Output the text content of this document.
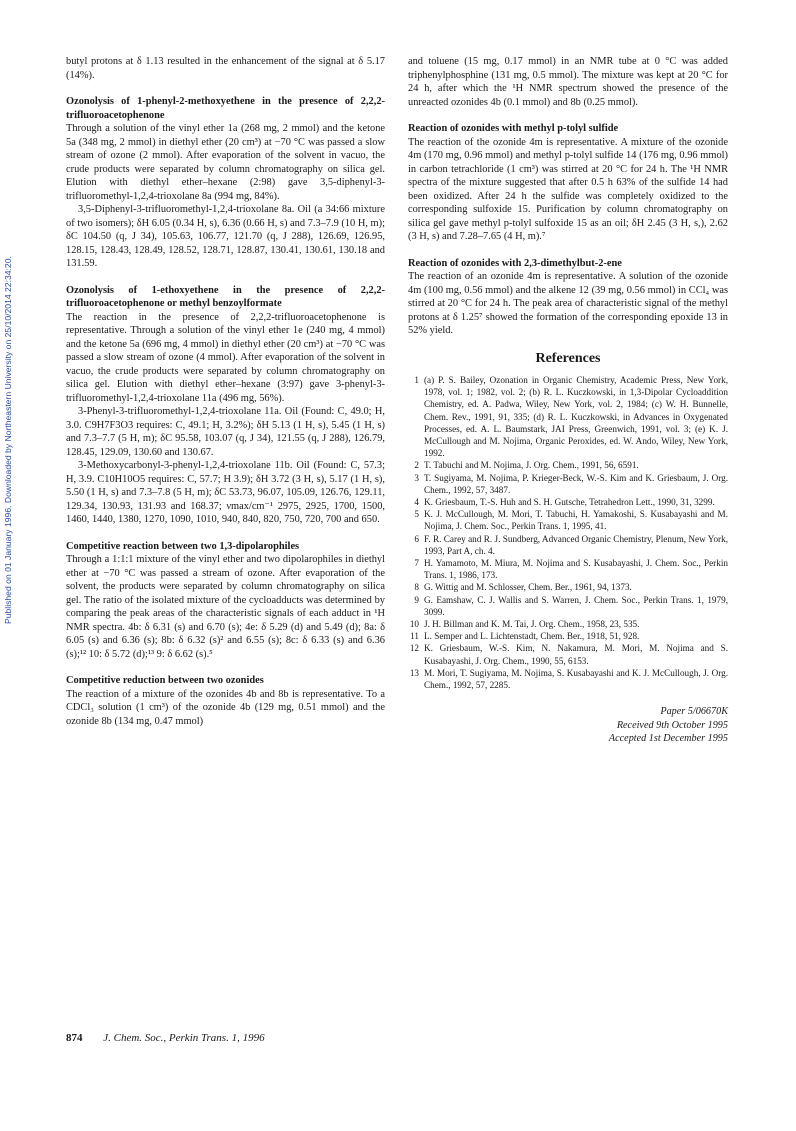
Published on 01 January 1996. Downloaded by Northeastern University on 25/10/2014 22:34:20.

butyl protons at δ 1.13 resulted in the enhancement of the signal at δ 5.17 (14%).

Ozonolysis of 1-phenyl-2-methoxyethene in the presence of 2,2,2-trifluoroacetophenone

Through a solution of the vinyl ether 1a (268 mg, 2 mmol) and the ketone 5a (348 mg, 2 mmol) in diethyl ether (20 cm³) at −70 °C was passed a slow stream of ozone (2 mmol). After evaporation of the solvent in vacuo, the crude products were separated by column chromatography on silica gel. Elution with diethyl ether–hexane (2:98) gave 3,5-diphenyl-3-trifluoromethyl-1,2,4-trioxolane 8a (994 mg, 84%).

3,5-Diphenyl-3-trifluoromethyl-1,2,4-trioxolane 8a. Oil (a 34:66 mixture of two isomers); δH 6.05 (0.34 H, s), 6.36 (0.66 H, s) and 7.3–7.9 (10 H, m); δC 104.50 (q, J 34), 105.63, 106.77, 121.70 (q, J 288), 126.69, 126.95, 128.15, 128.43, 128.49, 128.52, 128.71, 128.87, 130.41, 130.61, 130.18 and 131.59.

Ozonolysis of 1-ethoxyethene in the presence of 2,2,2-trifluoroacetophenone or methyl benzoylformate

The reaction in the presence of 2,2,2-trifluoroacetophenone is representative. Through a solution of the vinyl ether 1e (240 mg, 4 mmol) and the ketone 5a (696 mg, 4 mmol) in diethyl ether (20 cm³) at −70 °C was passed a slow stream of ozone (4 mmol). After evaporation of the solvent in vacuo, the crude products were separated by column chromatography on silica gel. Elution with diethyl ether–hexane (3:97) gave 3-phenyl-3-trifluoromethyl-1,2,4-trioxolane 11a (496 mg, 56%).

3-Phenyl-3-trifluoromethyl-1,2,4-trioxolane 11a. Oil (Found: C, 49.0; H, 3.0. C9H7F3O3 requires: C, 49.1; H, 3.2%); δH 5.13 (1 H, s), 5.45 (1 H, s) and 7.3–7.7 (5 H, m); δC 95.58, 103.07 (q, J 34), 121.55 (q, J 288), 126.79, 128.45, 129.09, 130.60 and 130.67.

3-Methoxycarbonyl-3-phenyl-1,2,4-trioxolane 11b. Oil (Found: C, 57.3; H, 3.9. C10H10O5 requires: C, 57.7; H 3.9); δH 3.72 (3 H, s), 5.17 (1 H, s), 5.50 (1 H, s) and 7.3–7.8 (5 H, m); δC 53.73, 96.07, 105.09, 126.76, 129.11, 129.34, 130.93, 131.93 and 168.37; νmax/cm⁻¹ 2975, 2925, 1700, 1500, 1460, 1440, 1380, 1270, 1090, 1010, 940, 840, 820, 750, 720, 700 and 650.

Competitive reaction between two 1,3-dipolarophiles

Through a 1:1:1 mixture of the vinyl ether and two dipolarophiles in diethyl ether at −70 °C was passed a stream of ozone. After evaporation of the solvent, the products were separated by column chromatography on silica gel. The ratio of the isolated mixture of the cycloadducts was determined by comparing the peak areas of the characteristic signals of each adduct in ¹H NMR spectra. 4b: δ 6.31 (s) and 6.70 (s); 4e: δ 5.29 (d) and 5.49 (d); 8a: δ 6.05 (s) and 6.36 (s); 8b: δ 6.32 (s)² and 6.55 (s); 8c: δ 6.33 (s) and 6.36 (s);¹² 10: δ 5.72 (d);¹³ 9: δ 6.62 (s).⁵

Competitive reduction between two ozonides

The reaction of a mixture of the ozonides 4b and 8b is representative. To a CDCl₃ solution (1 cm³) of the ozonide 4b (129 mg, 0.51 mmol) and the ozonide 8b (134 mg, 0.47 mmol)

and toluene (15 mg, 0.17 mmol) in an NMR tube at 0 °C was added triphenylphosphine (131 mg, 0.5 mmol). The mixture was kept at 20 °C for 24 h, after which the ¹H NMR spectrum showed the presence of the unreacted ozonides 4b (0.1 mmol) and 8b (0.25 mmol).

Reaction of ozonides with methyl p-tolyl sulfide

The reaction of the ozonide 4m is representative. A mixture of the ozonide 4m (170 mg, 0.96 mmol) and methyl p-tolyl sulfide 14 (176 mg, 0.96 mmol) in carbon tetrachloride (1 cm³) was stirred at 20 °C for 24 h. The ¹H NMR spectra of the mixture suggested that after 0.5 h 63% of the sulfide 14 had been oxidized. After 24 h the sulfide was completely oxidized to the corresponding sulfoxide 15. Purification by column chromatography on silica gel gave methyl p-tolyl sulfoxide 15 as an oil; δH 2.45 (3 H, s,), 2.62 (3 H, s) and 7.28–7.65 (4 H, m).⁷

Reaction of ozonides with 2,3-dimethylbut-2-ene

The reaction of an ozonide 4m is representative. A solution of the ozonide 4m (100 mg, 0.56 mmol) and the alkene 12 (39 mg, 0.56 mmol) in CCl₄ was stirred at 20 °C for 24 h. The peak area of characteristic signal of the methyl protons at δ 1.25⁷ showed the formation of the corresponding epoxide 13 in 52% yield.

References
1 (a) P. S. Bailey, Ozonation in Organic Chemistry, Academic Press, New York, 1978, vol. 1; 1982, vol. 2; (b) R. L. Kuczkowski, in 1,3-Dipolar Cycloaddition Chemistry, ed. A. Padwa, Wiley, New York, vol. 2, 1984; (c) W. H. Bunnelle, Chem. Rev., 1991, 91, 335; (d) R. L. Kuczkowski, in Advances in Oxygenated Processes, ed. A. L. Baumstark, JAI Press, Greenwich, 1991, vol. 3; (e) K. J. McCullough and M. Nojima, Organic Peroxides, ed. W. Ando, Wiley, New York, 1992.
2 T. Tabuchi and M. Nojima, J. Org. Chem., 1991, 56, 6591.
3 T. Sugiyama, M. Nojima, P. Krieger-Beck, W.-S. Kim and K. Griesbaum, J. Org. Chem., 1992, 57, 3487.
4 K. Griesbaum, T.-S. Huh and S. H. Gutsche, Tetrahedron Lett., 1990, 31, 3299.
5 K. J. McCullough, M. Mori, T. Tabuchi, H. Yamakoshi, S. Kusabayashi and M. Nojima, J. Chem. Soc., Perkin Trans. 1, 1995, 41.
6 F. R. Carey and R. J. Sundberg, Advanced Organic Chemistry, Plenum, New York, 1993, Part A, ch. 4.
7 H. Yamamoto, M. Miura, M. Nojima and S. Kusabayashi, J. Chem. Soc., Perkin Trans. 1, 1986, 173.
8 G. Wittig and M. Schlosser, Chem. Ber., 1961, 94, 1373.
9 G. Eamshaw, C. J. Wallis and S. Warren, J. Chem. Soc., Perkin Trans. 1, 1979, 3099.
10 J. H. Billman and K. M. Tai, J. Org. Chem., 1958, 23, 535.
11 L. Semper and L. Lichtenstadt, Chem. Ber., 1918, 51, 928.
12 K. Griesbaum, W.-S. Kim, N. Nakamura, M. Mori, M. Nojima and S. Kusabayashi, J. Org. Chem., 1990, 55, 6153.
13 M. Mori, T. Sugiyama, M. Nojima, S. Kusabayashi and K. J. McCullough, J. Org. Chem., 1992, 57, 2285.
Paper 5/06670K
Received 9th October 1995
Accepted 1st December 1995
874 J. Chem. Soc., Perkin Trans. 1, 1996
